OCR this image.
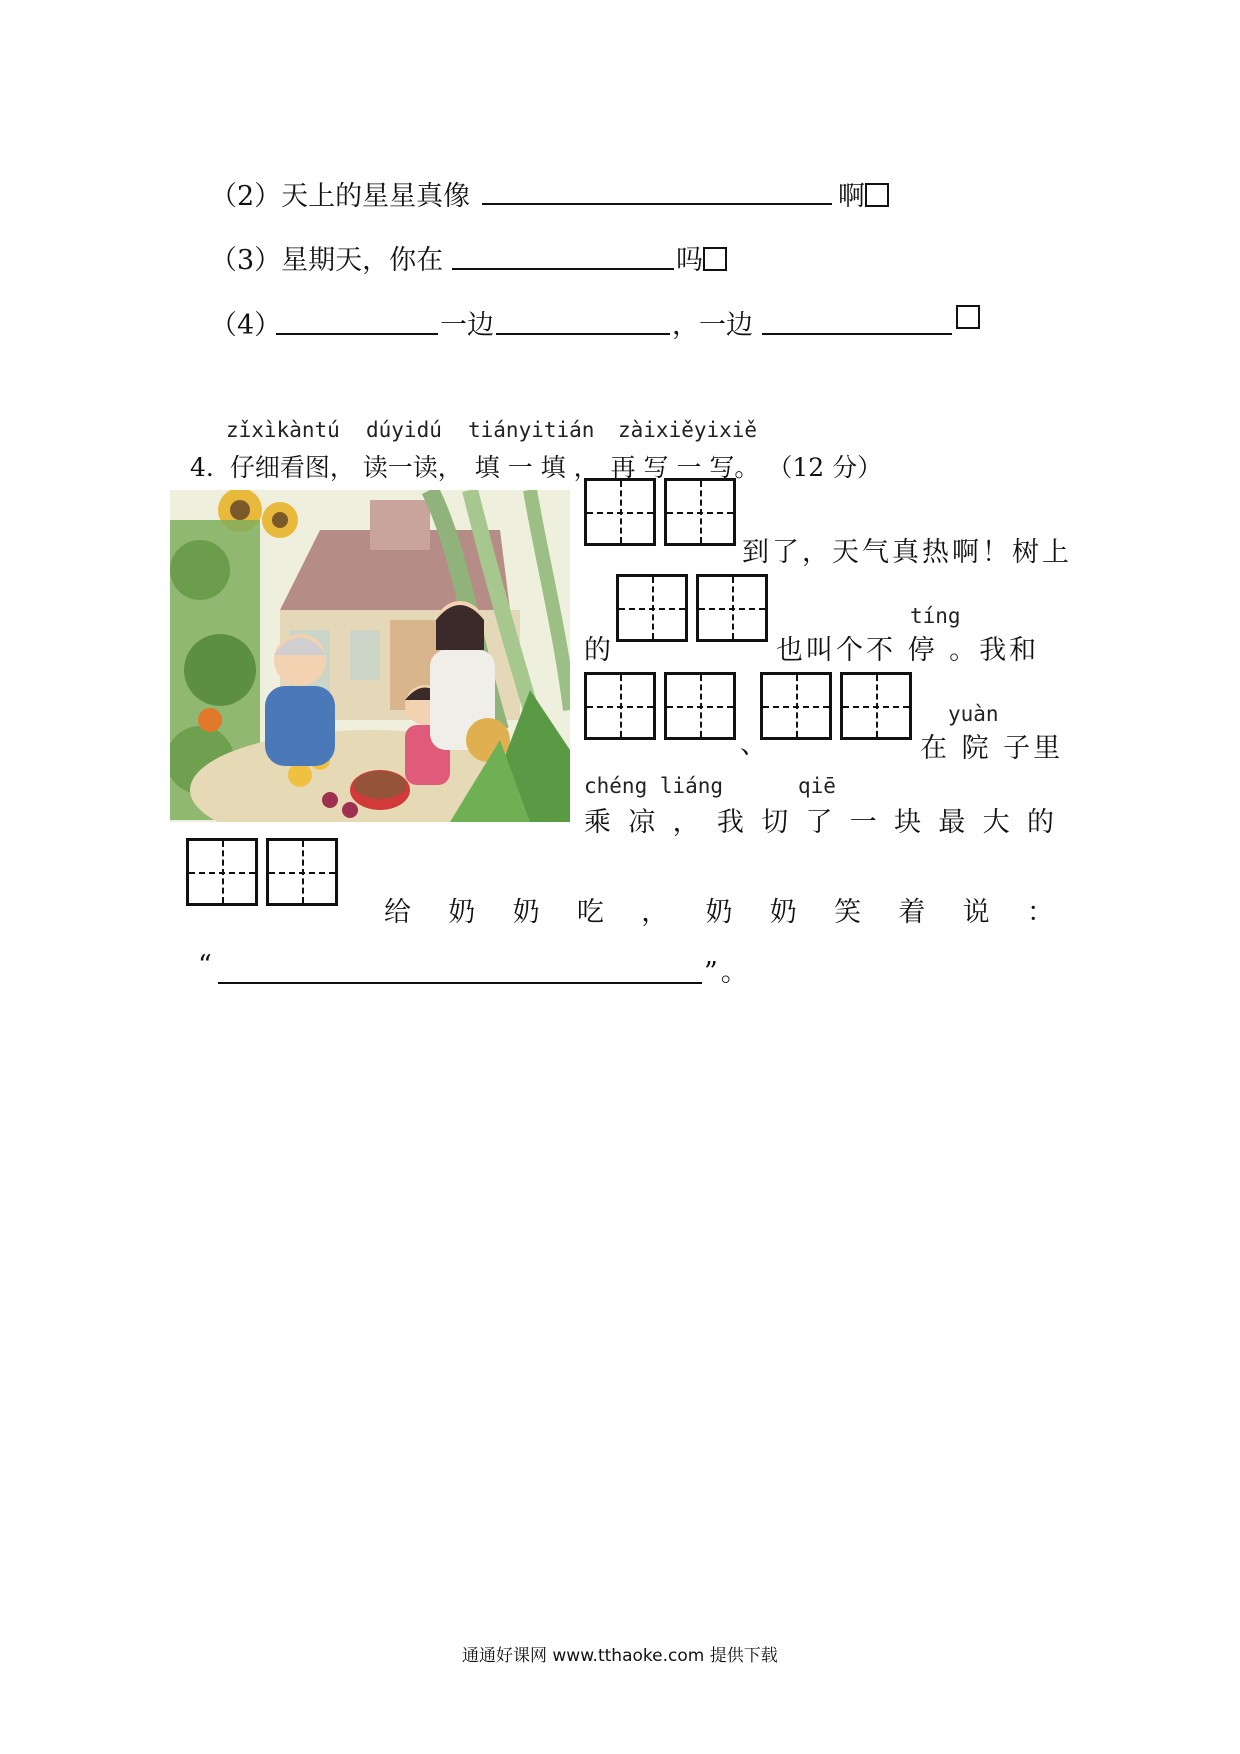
（2）天上的星星真像	啊
（3）星期天，你在	吗
（4）	一边	，一边
zǐxìkàntú dúyidú tiányitián zàixiěyixiě
4. 仔细看图， 读一读， 填 一 填 ， 再 写 一 写。 （12 分）
到了，天气真热啊！树上
tíng
的	也叫个不 停 。我和
、
yuàn
在 院 子里
chéng liáng	qiē
乘 凉 ， 我 切 了 一 块 最 大 的
给 奶 奶 吃 ， 奶 奶 笑 着 说 ：
“	”。
通通好课网 www.tthaoke.com 提供下载
